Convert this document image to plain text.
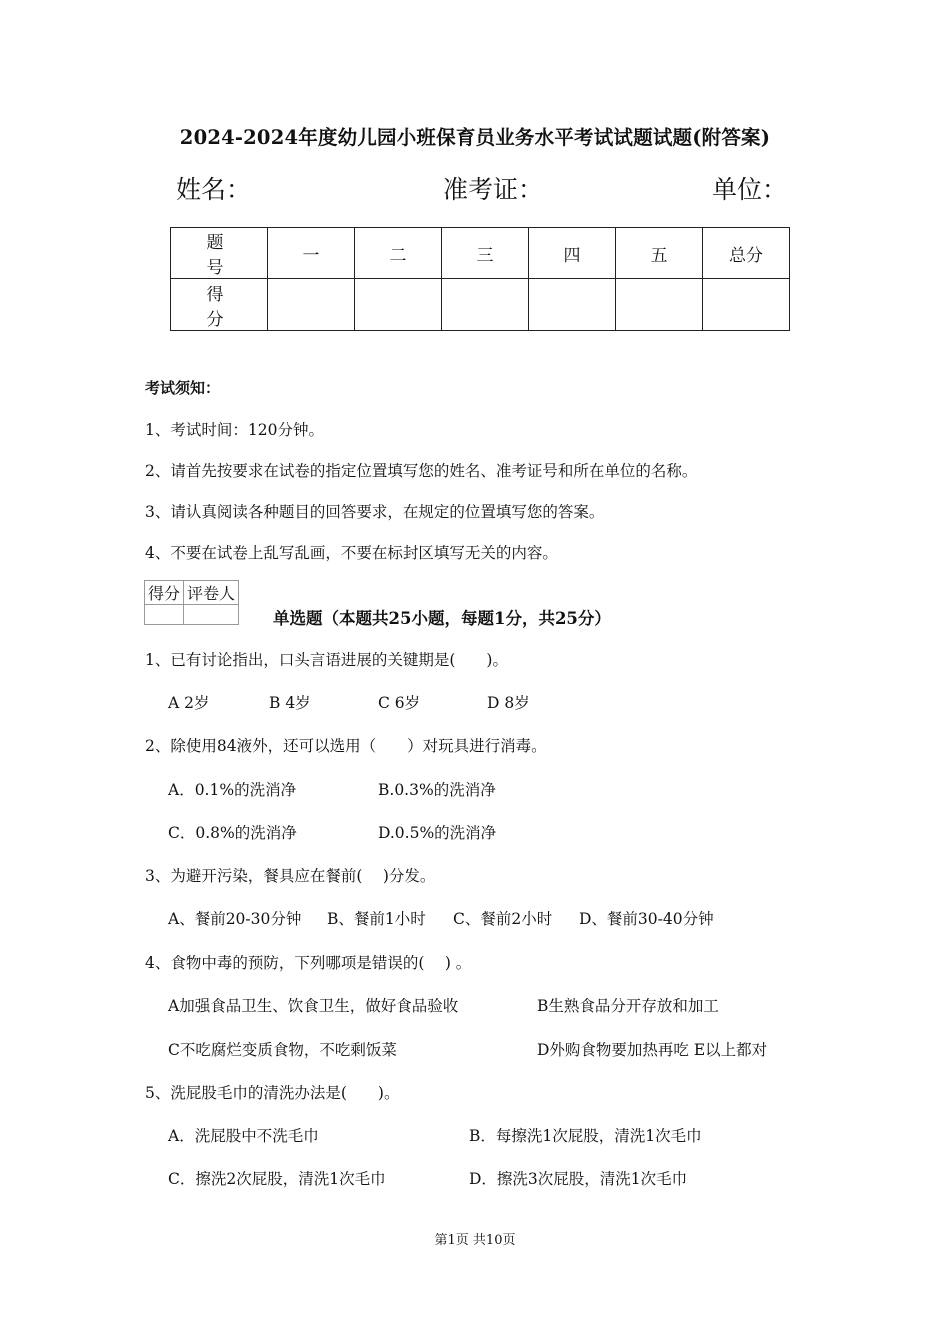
2024-2024年度幼儿园小班保育员业务水平考试试题试题(附答案)
姓名：	准考证：	单位：
题 号	一	二	三	四	五	总分
得 分						
考试须知：
1、考试时间：120分钟。
2、请首先按要求在试卷的指定位置填写您的姓名、准考证号和所在单位的名称。
3、请认真阅读各种题目的回答要求，在规定的位置填写您的答案。
4、不要在试卷上乱写乱画，不要在标封区填写无关的内容。
得分	评卷人

单选题（本题共25小题，每题1分，共25分）
1、已有讨论指出，口头言语进展的关键期是(　　)。
A 2岁	B 4岁	C 6岁	D 8岁
2、除使用84液外，还可以选用（　　）对玩具进行消毒。
A．0.1%的洗消净	B.0.3%的洗消净
C．0.8%的洗消净	D.0.5%的洗消净
3、为避开污染，餐具应在餐前(　 )分发。
A、餐前20-30分钟 B、餐前1小时 C、餐前2小时 D、餐前30-40分钟
4、食物中毒的预防，下列哪项是错误的(　 ) 。
A加强食品卫生、饮食卫生，做好食品验收	B生熟食品分开存放和加工
C不吃腐烂变质食物，不吃剩饭菜	D外购食物要加热再吃 E以上都对
5、洗屁股毛巾的清洗办法是(　　)。
A．洗屁股中不洗毛巾	B．每擦洗1次屁股，清洗1次毛巾
C．擦洗2次屁股，清洗1次毛巾	D．擦洗3次屁股，清洗1次毛巾
第1页 共10页
